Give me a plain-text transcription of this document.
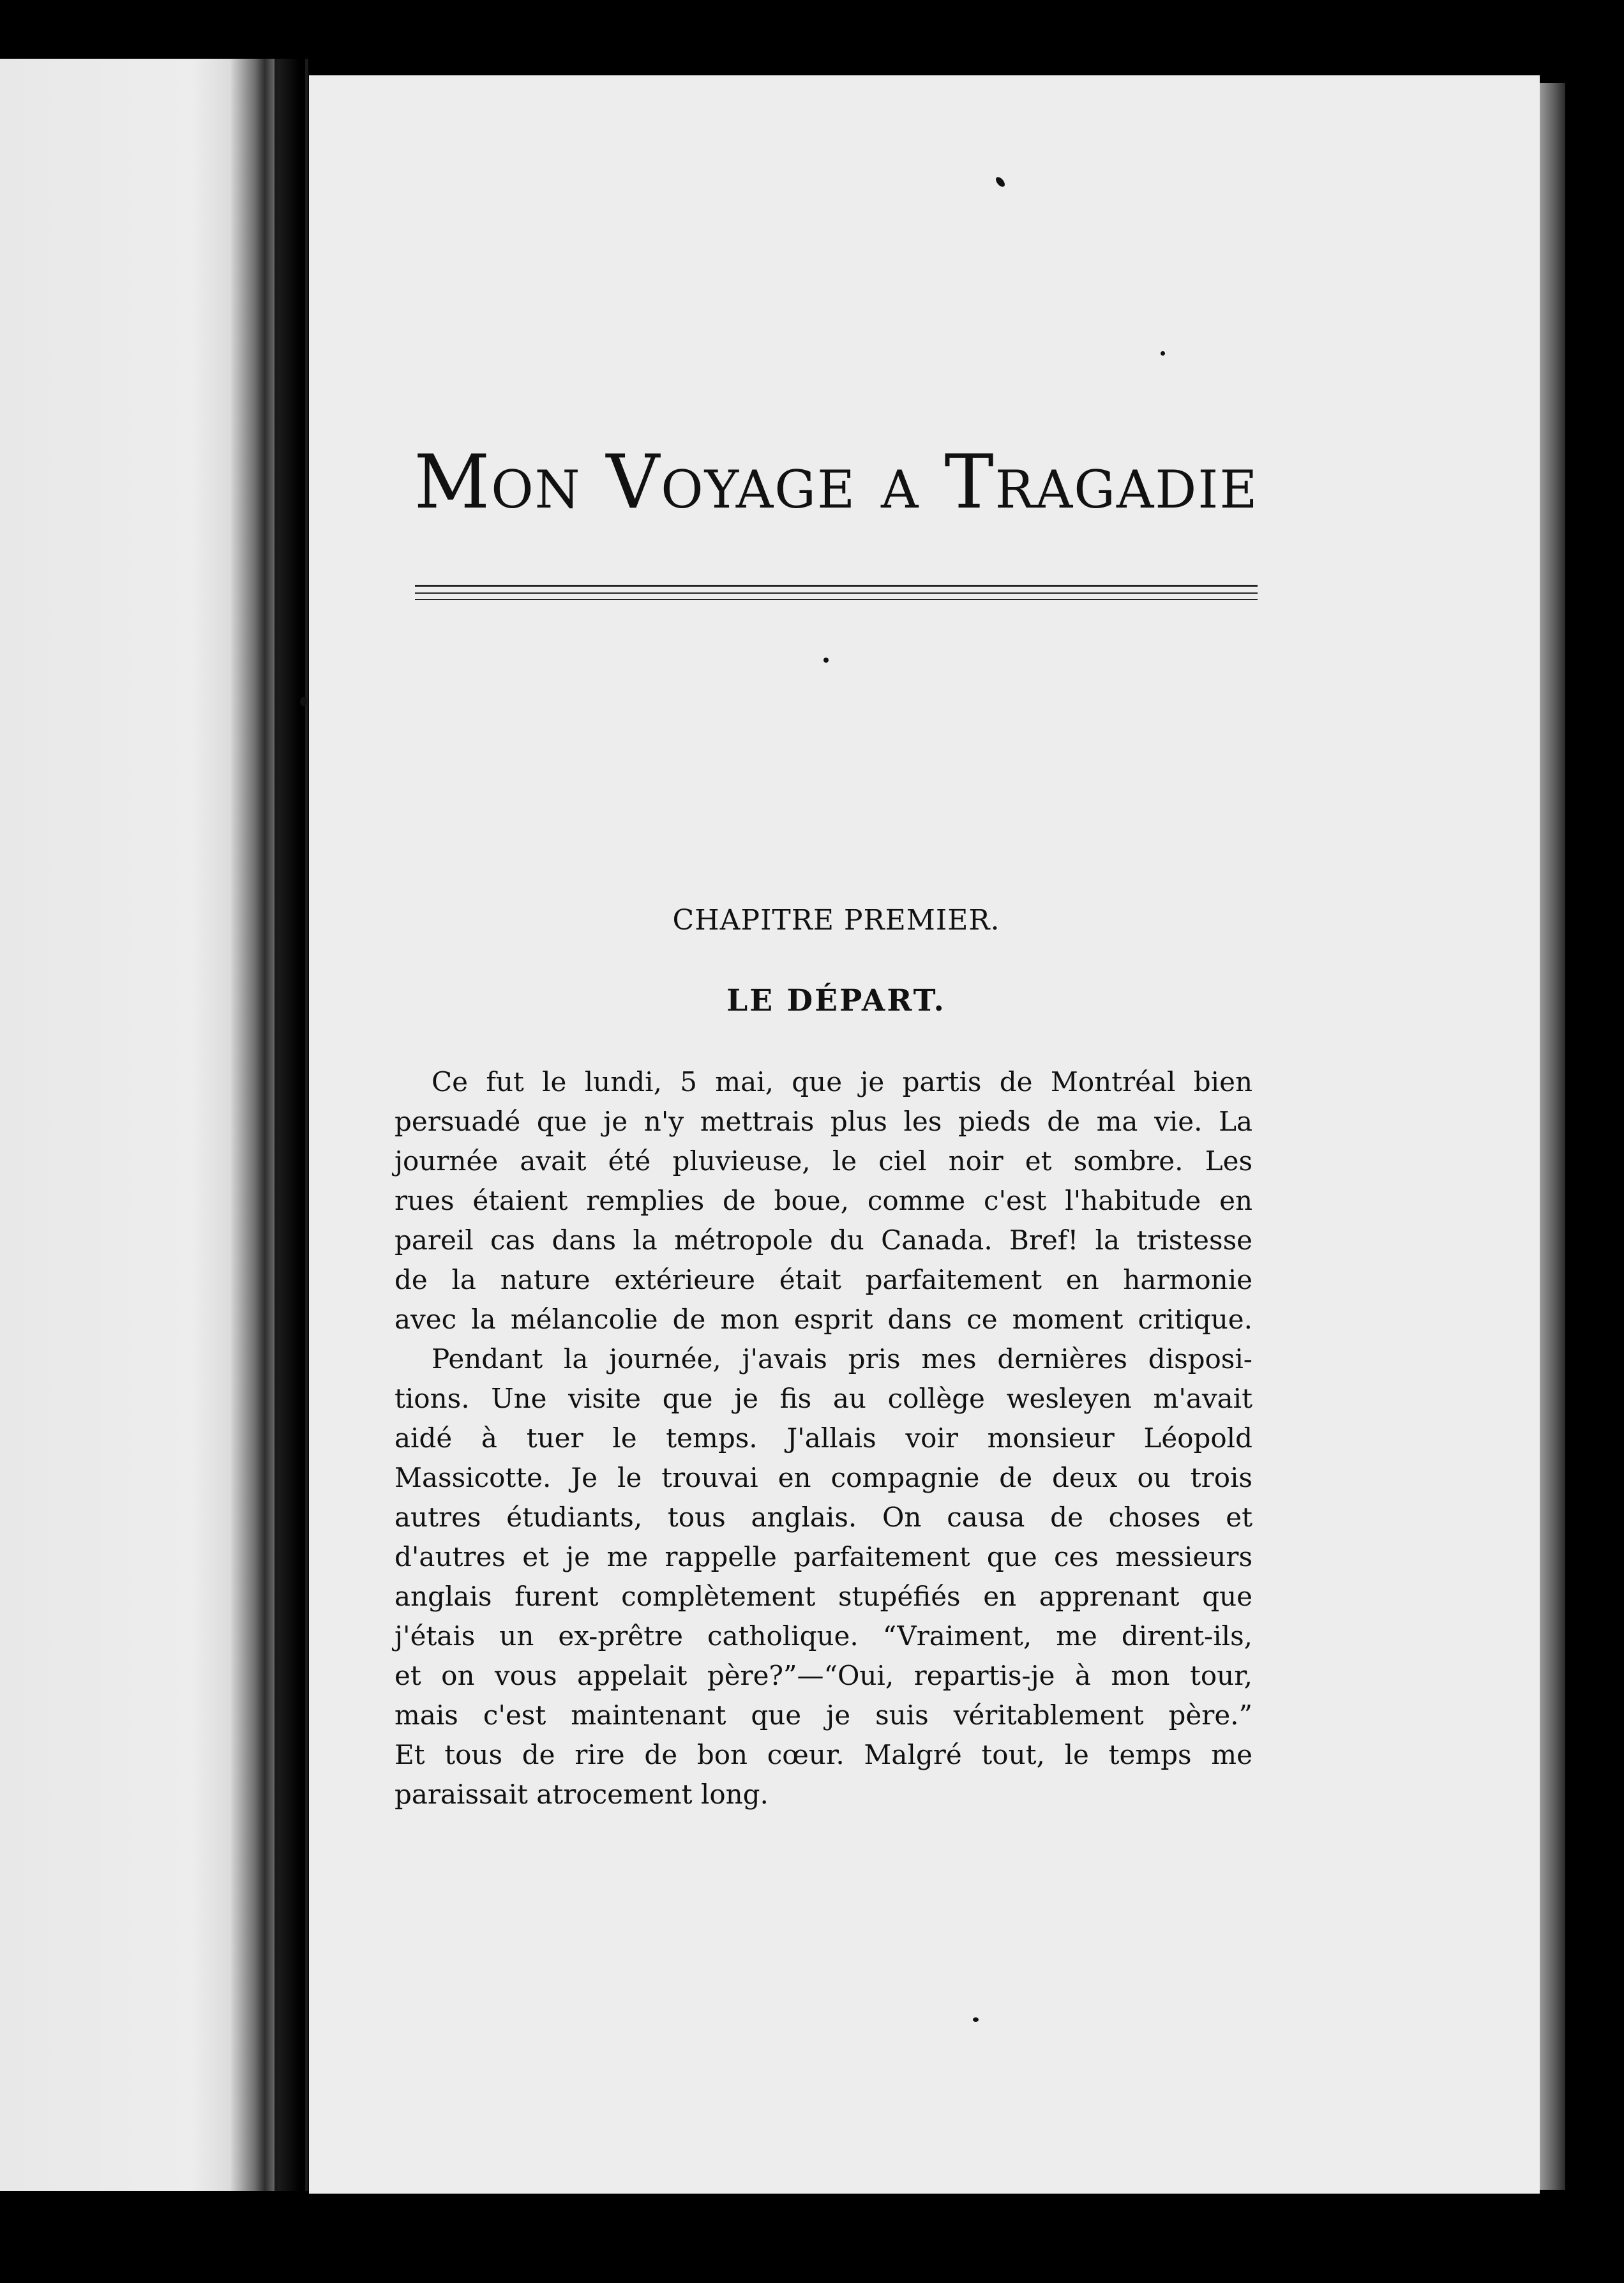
Mon Voyage a Tragadie
CHAPITRE PREMIER.
LE DÉPART.
Ce fut le lundi, 5 mai, que je partis de Montréal bien
persuadé que je n'y mettrais plus les pieds de ma vie. La
journée avait été pluvieuse, le ciel noir et sombre. Les
rues étaient remplies de boue, comme c'est l'habitude en
pareil cas dans la métropole du Canada. Bref! la tristesse
de la nature extérieure était parfaitement en harmonie
avec la mélancolie de mon esprit dans ce moment critique.
Pendant la journée, j'avais pris mes dernières disposi-
tions. Une visite que je fis au collège wesleyen m'avait
aidé à tuer le temps. J'allais voir monsieur Léopold
Massicotte. Je le trouvai en compagnie de deux ou trois
autres étudiants, tous anglais. On causa de choses et
d'autres et je me rappelle parfaitement que ces messieurs
anglais furent complètement stupéfiés en apprenant que
j'étais un ex-prêtre catholique. “Vraiment, me dirent-ils,
et on vous appelait père?”—“Oui, repartis-je à mon tour,
mais c'est maintenant que je suis véritablement père.”
Et tous de rire de bon cœur. Malgré tout, le temps me
paraissait atrocement long.
